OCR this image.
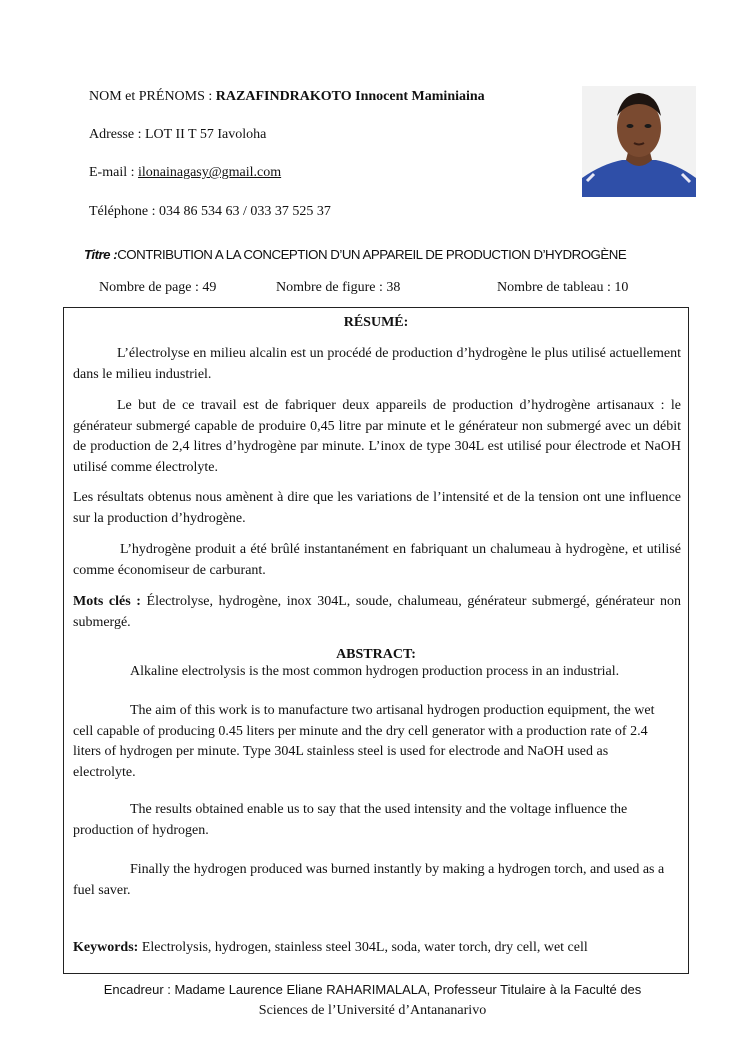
NOM et PRÉNOMS : RAZAFINDRAKOTO Innocent Maminiaina
Adresse : LOT II T 57 Iavoloha
E-mail : ilonainagasy@gmail.com
Téléphone : 034 86 534 63 / 033 37 525 37
Titre :CONTRIBUTION A LA CONCEPTION D’UN APPAREIL DE PRODUCTION D’HYDROGÈNE
Nombre de page : 49	Nombre de figure : 38	Nombre de tableau : 10
RÉSUMÉ:
L’électrolyse en milieu alcalin est un procédé de production d’hydrogène le plus utilisé actuellement dans le milieu industriel.
Le but de ce travail est de fabriquer deux appareils de production d’hydrogène artisanaux : le générateur submergé capable de produire 0,45 litre par minute et le générateur non submergé avec un débit de production de 2,4 litres d’hydrogène par minute. L’inox de type 304L est utilisé pour électrode et NaOH utilisé comme électrolyte.
Les résultats obtenus nous amènent à dire que les variations de l’intensité et de la tension ont une influence sur la production d’hydrogène.
L’hydrogène produit a été brûlé instantanément en fabriquant un chalumeau à hydrogène, et utilisé comme économiseur de carburant.
Mots clés : Électrolyse, hydrogène, inox 304L, soude, chalumeau, générateur submergé, générateur non submergé.
ABSTRACT:
Alkaline electrolysis is the most common hydrogen production process in an industrial.
The aim of this work is to manufacture two artisanal hydrogen production equipment, the wet cell capable of producing 0.45 liters per minute and the dry cell generator with a production rate of 2.4 liters of hydrogen per minute. Type 304L stainless steel is used for electrode and NaOH used as electrolyte.
The results obtained enable us to say that the used intensity and the voltage influence the production of hydrogen.
Finally the hydrogen produced was burned instantly by making a hydrogen torch, and used as a fuel saver.
Keywords: Electrolysis, hydrogen, stainless steel 304L, soda, water torch, dry cell, wet cell
Encadreur : Madame Laurence Eliane RAHARIMALALA, Professeur Titulaire à la Faculté des
Sciences de l’Université d’Antananarivo
